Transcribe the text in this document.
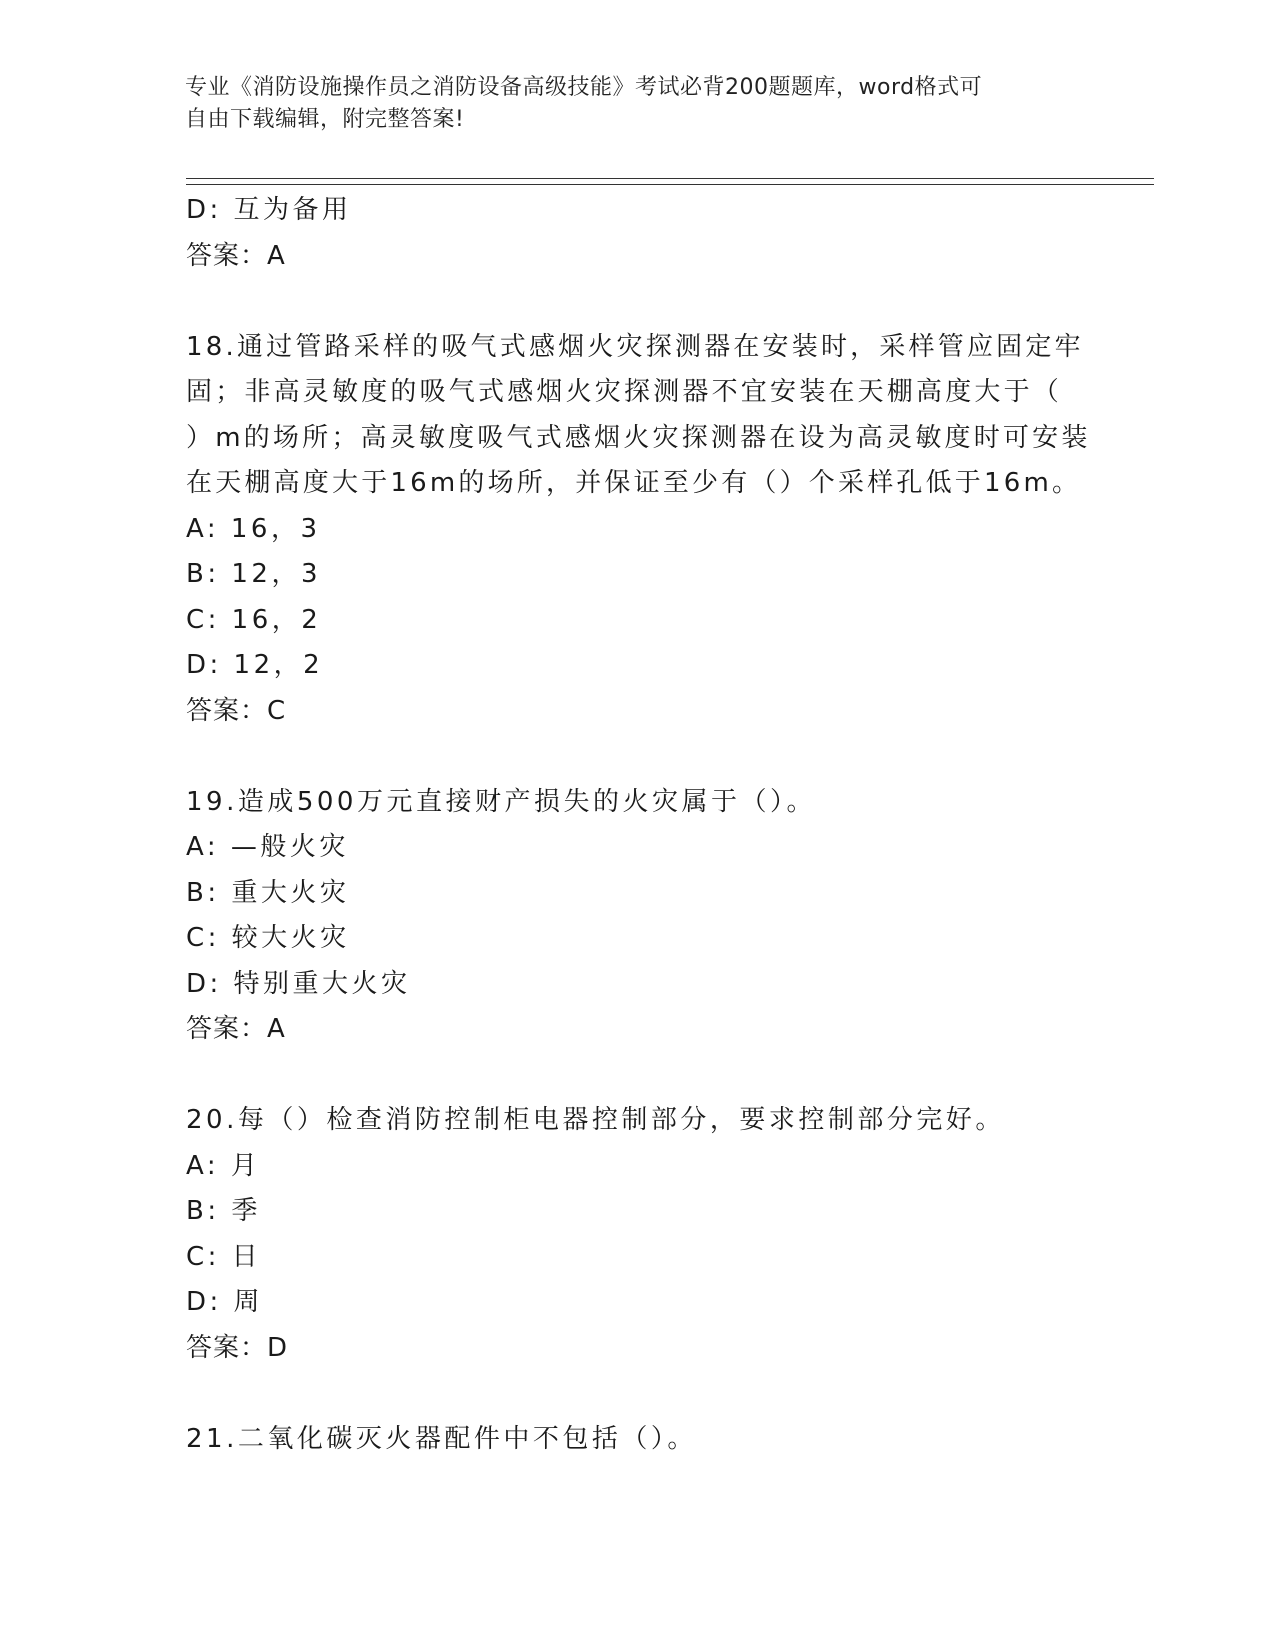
专业《消防设施操作员之消防设备高级技能》考试必背200题题库，word格式可
自由下载编辑，附完整答案!
D: 互为备用
答案：A
18.通过管路采样的吸气式感烟火灾探测器在安装时，采样管应固定牢
固；非高灵敏度的吸气式感烟火灾探测器不宜安装在天棚高度大于（
）m的场所；高灵敏度吸气式感烟火灾探测器在设为高灵敏度时可安装
在天棚高度大于16m的场所，并保证至少有（）个采样孔低于16m。
A: 16，3
B: 12，3
C: 16，2
D: 12，2
答案：C
19.造成500万元直接财产损失的火灾属于（）。
A: —般火灾
B: 重大火灾
C: 较大火灾
D: 特别重大火灾
答案：A
20.每（）检查消防控制柜电器控制部分，要求控制部分完好。
A: 月
B: 季
C: 日
D: 周
答案：D
21.二氧化碳灭火器配件中不包括（）。
